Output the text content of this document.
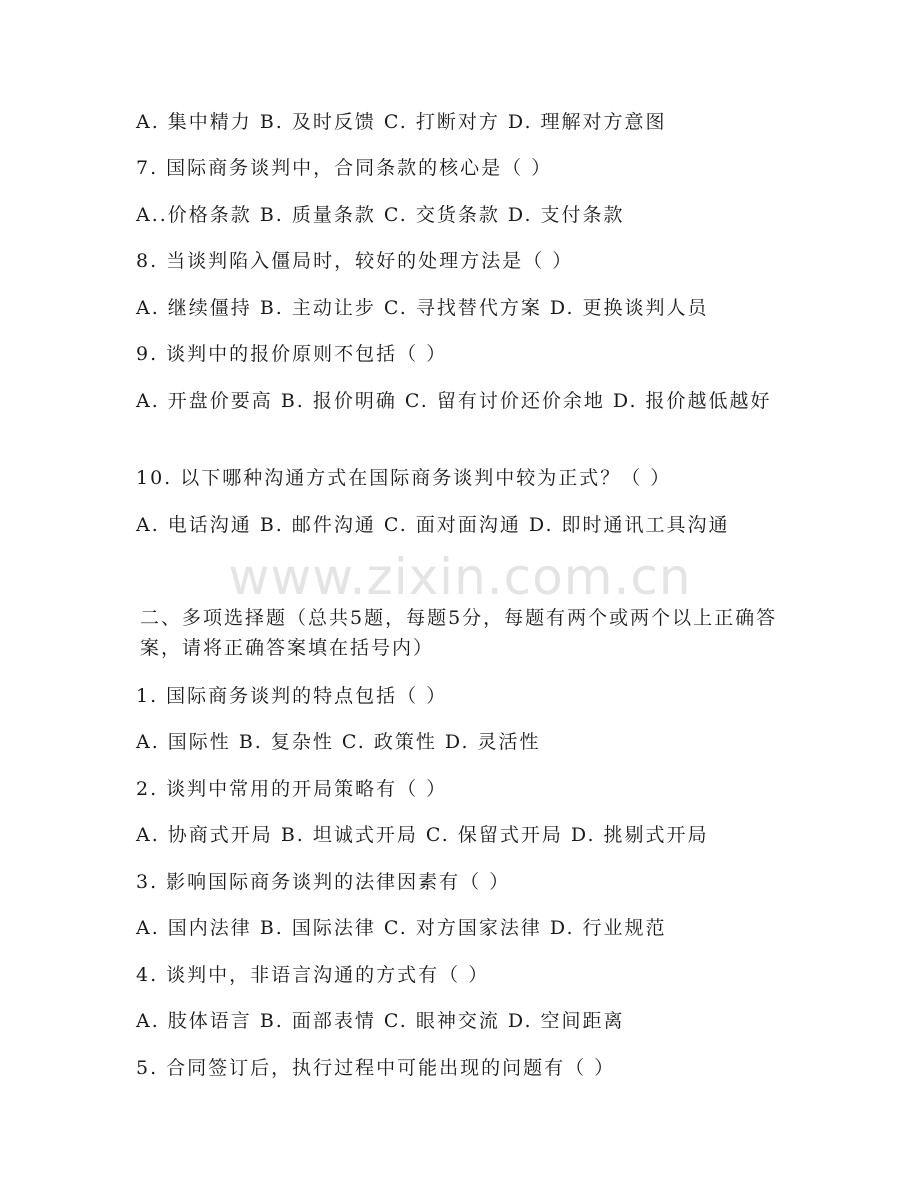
A. 集中精力 B. 及时反馈 C. 打断对方 D. 理解对方意图
7. 国际商务谈判中，合同条款的核心是（ ）
A..价格条款 B. 质量条款 C. 交货条款 D. 支付条款
8. 当谈判陷入僵局时，较好的处理方法是（ ）
A. 继续僵持 B. 主动让步 C. 寻找替代方案 D. 更换谈判人员
9. 谈判中的报价原则不包括（ ）
A. 开盘价要高 B. 报价明确 C. 留有讨价还价余地 D. 报价越低越好
10. 以下哪种沟通方式在国际商务谈判中较为正式？（ ）
A. 电话沟通 B. 邮件沟通 C. 面对面沟通 D. 即时通讯工具沟通
www.zixin.com.cn
二、多项选择题（总共5题，每题5分，每题有两个或两个以上正确答案，请将正确答案填在括号内）
1. 国际商务谈判的特点包括（ ）
A. 国际性 B. 复杂性 C. 政策性 D. 灵活性
2. 谈判中常用的开局策略有（ ）
A. 协商式开局 B. 坦诚式开局 C. 保留式开局 D. 挑剔式开局
3. 影响国际商务谈判的法律因素有（ ）
A. 国内法律 B. 国际法律 C. 对方国家法律 D. 行业规范
4. 谈判中，非语言沟通的方式有（ ）
A. 肢体语言 B. 面部表情 C. 眼神交流 D. 空间距离
5. 合同签订后，执行过程中可能出现的问题有（ ）
